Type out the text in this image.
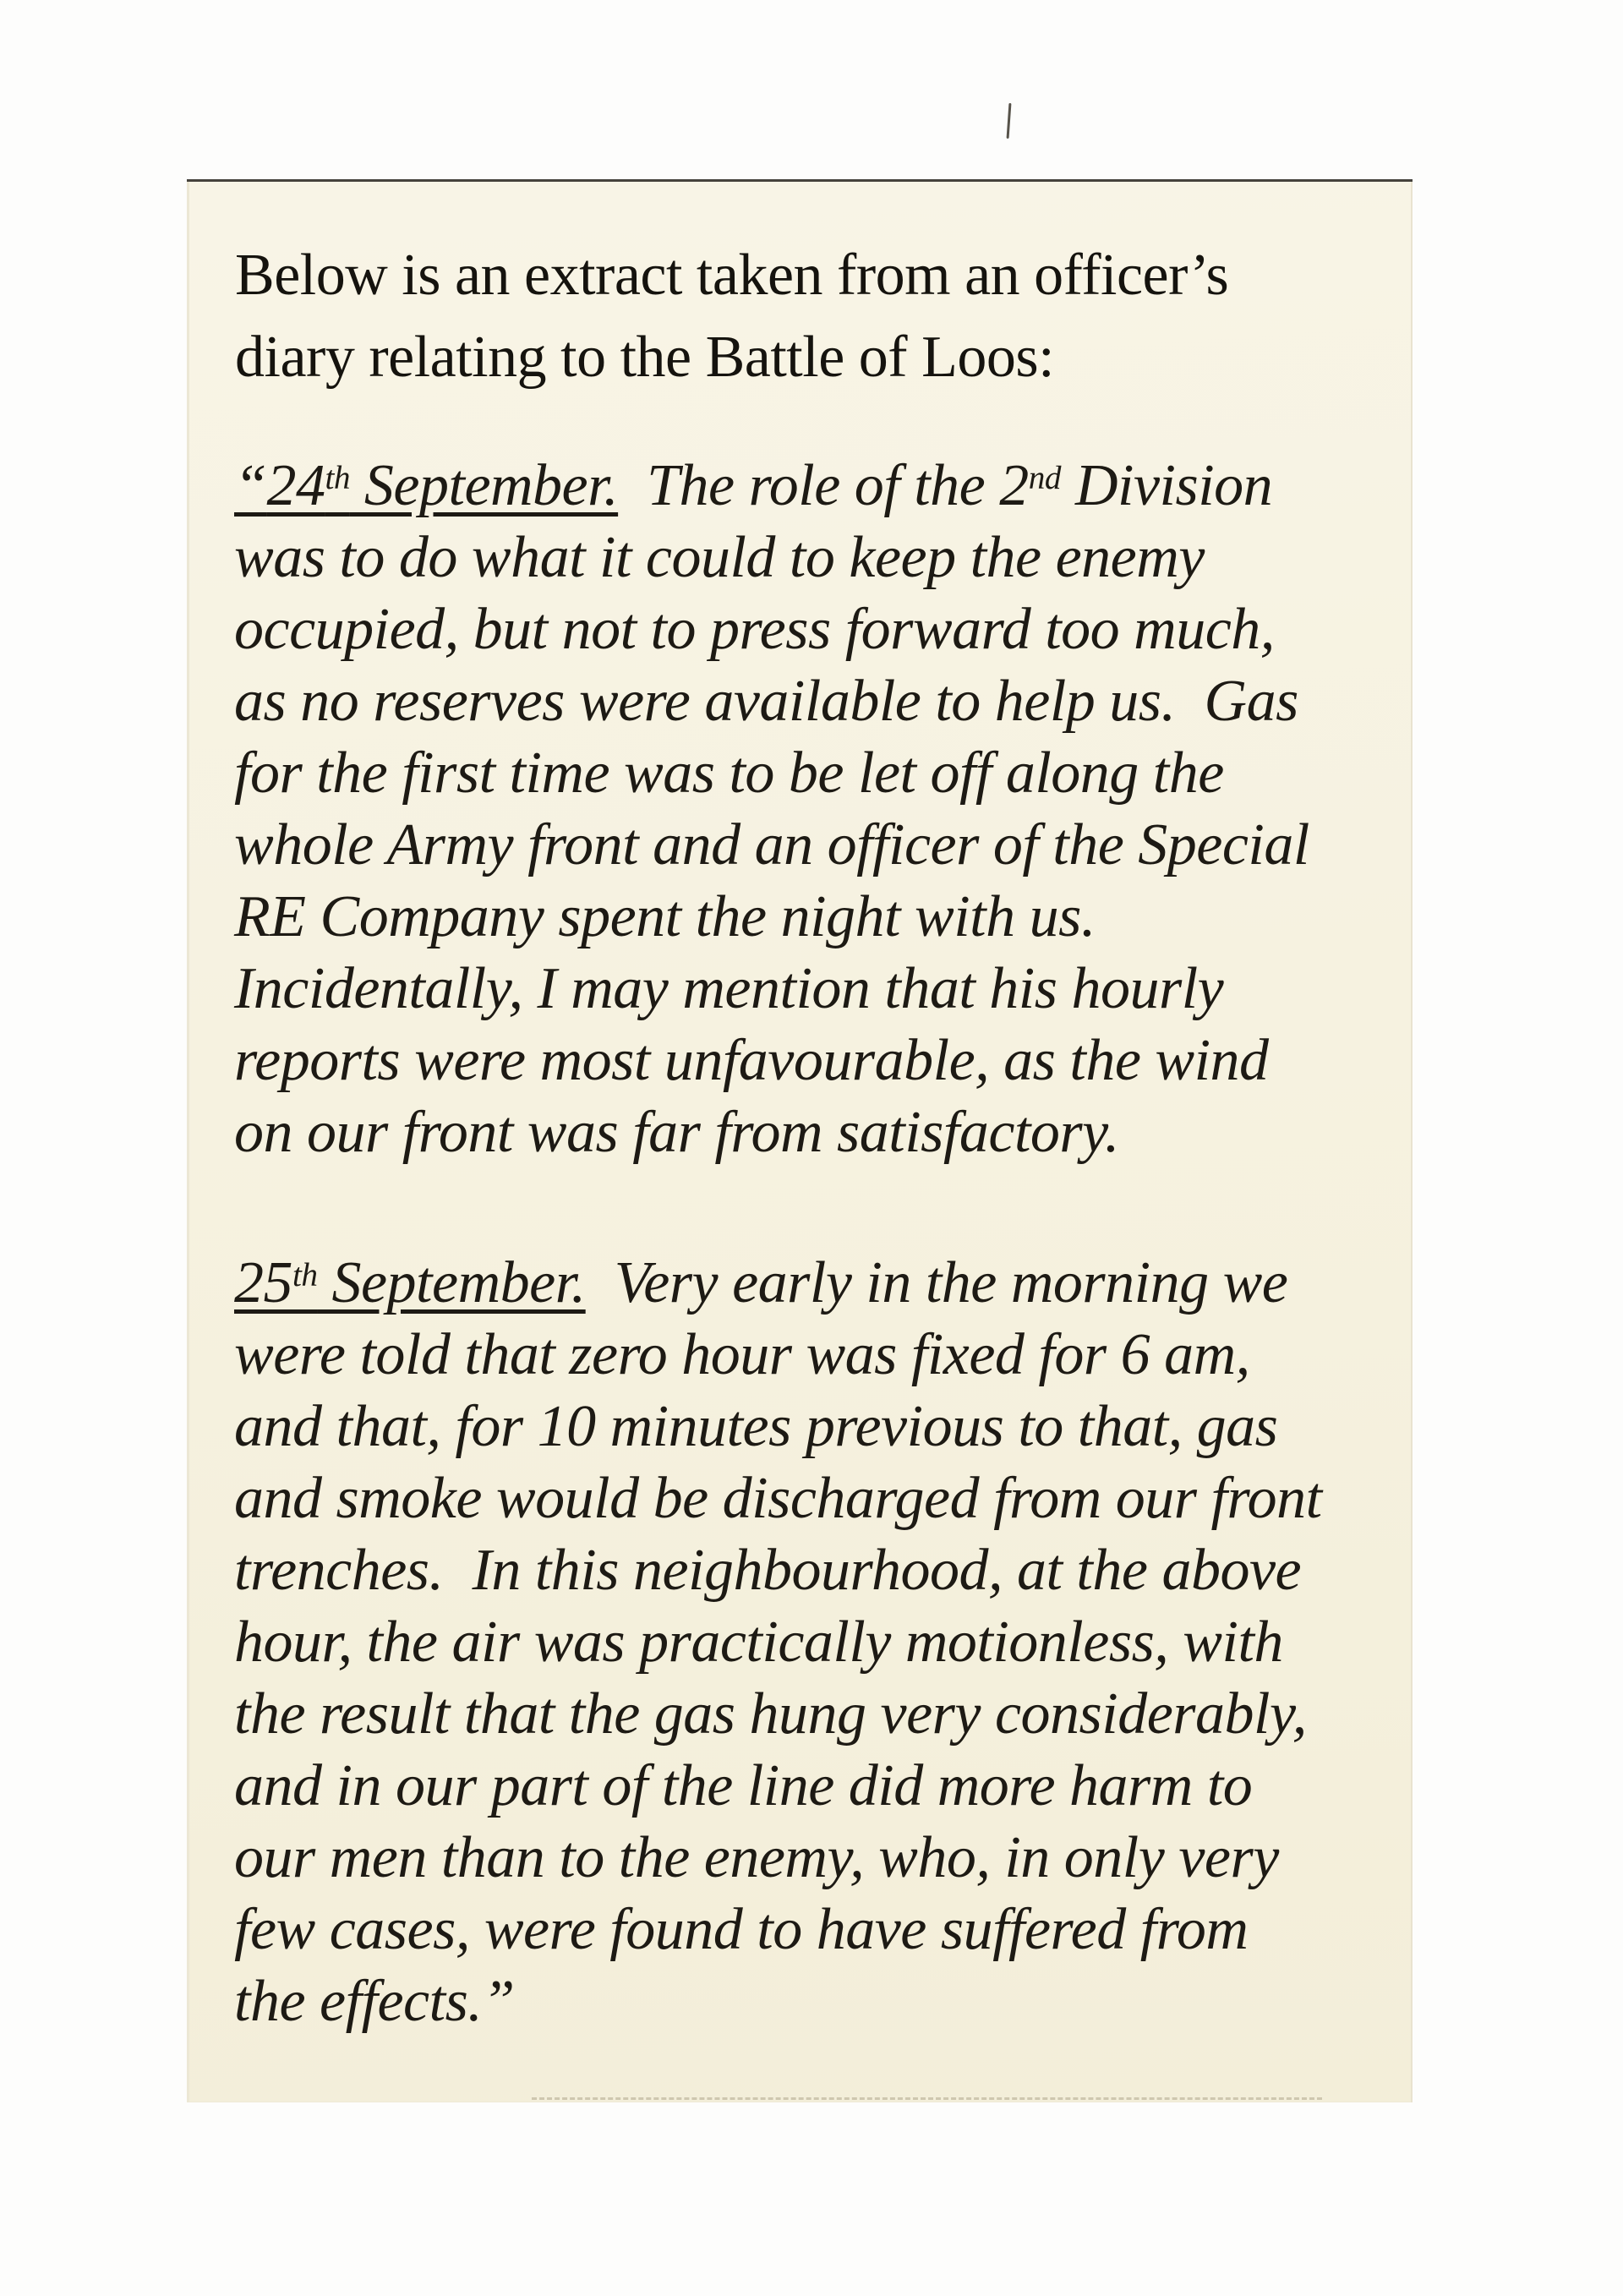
Below is an extract taken from an officer’s
diary relating to the Battle of Loos:
“24th September.  The role of the 2nd Division
was to do what it could to keep the enemy
occupied, but not to press forward too much,
as no reserves were available to help us.  Gas
for the first time was to be let off along the
whole Army front and an officer of the Special
RE Company spent the night with us.
Incidentally, I may mention that his hourly
reports were most unfavourable, as the wind
on our front was far from satisfactory.
25th September.  Very early in the morning we
were told that zero hour was fixed for 6 am,
and that, for 10 minutes previous to that, gas
and smoke would be discharged from our front
trenches.  In this neighbourhood, at the above
hour, the air was practically motionless, with
the result that the gas hung very considerably,
and in our part of the line did more harm to
our men than to the enemy, who, in only very
few cases, were found to have suffered from
the effects.”
